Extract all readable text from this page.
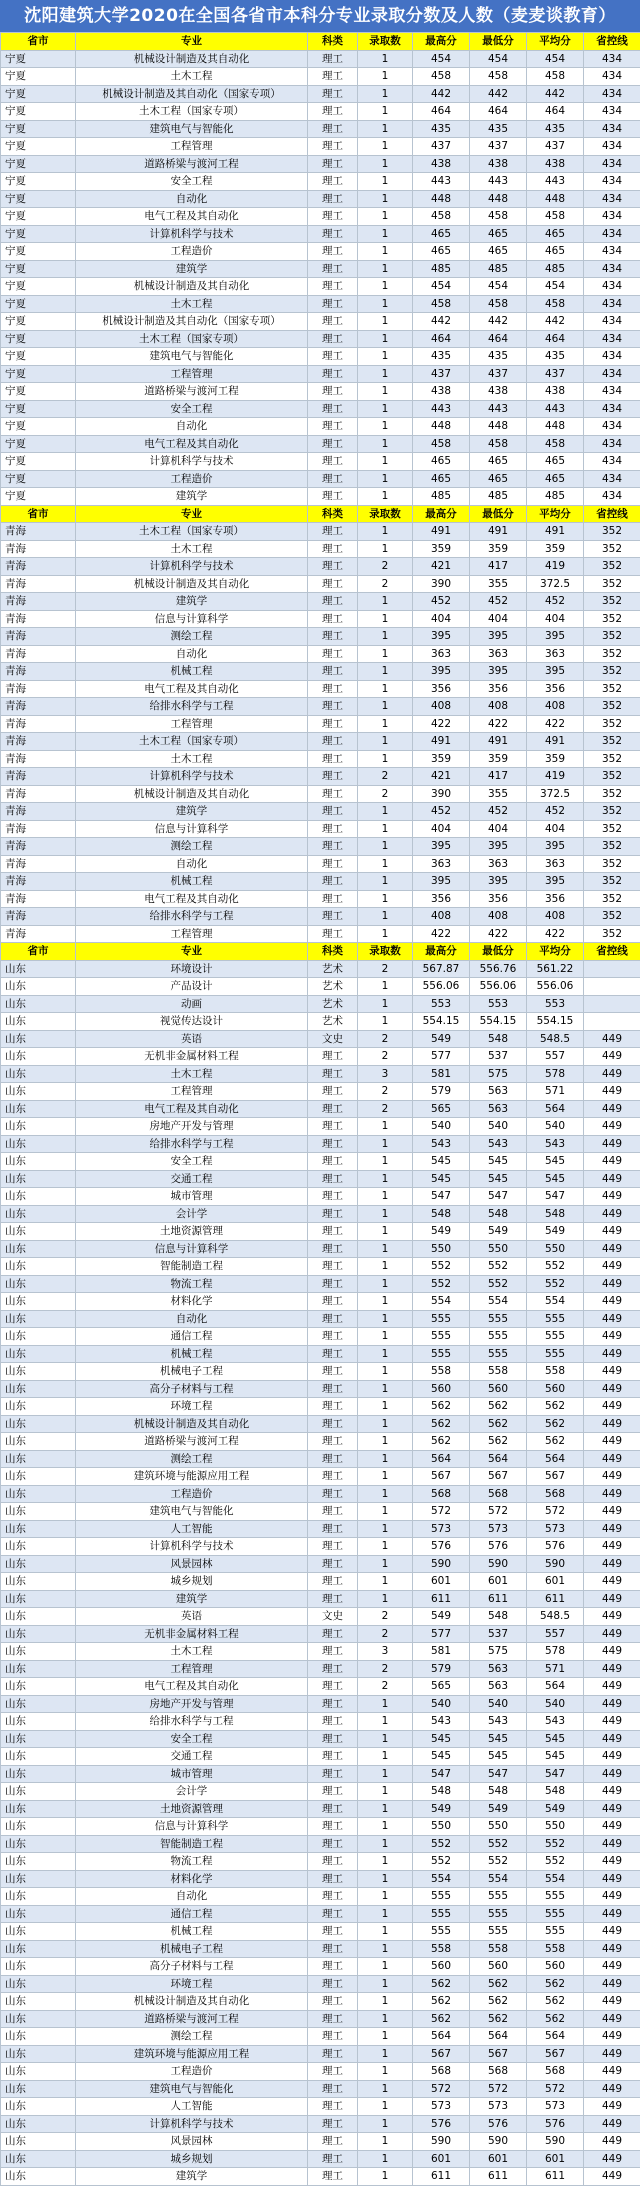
沈阳建筑大学2020在全国各省市本科分专业录取分数及人数（麦麦谈教育）
省市	专业	科类	录取数	最高分	最低分	平均分	省控线
宁夏	机械设计制造及其自动化	理工	1	454	454	454	434
宁夏	土木工程	理工	1	458	458	458	434
宁夏	机械设计制造及其自动化（国家专项）	理工	1	442	442	442	434
宁夏	土木工程（国家专项）	理工	1	464	464	464	434
宁夏	建筑电气与智能化	理工	1	435	435	435	434
宁夏	工程管理	理工	1	437	437	437	434
宁夏	道路桥梁与渡河工程	理工	1	438	438	438	434
宁夏	安全工程	理工	1	443	443	443	434
宁夏	自动化	理工	1	448	448	448	434
宁夏	电气工程及其自动化	理工	1	458	458	458	434
宁夏	计算机科学与技术	理工	1	465	465	465	434
宁夏	工程造价	理工	1	465	465	465	434
宁夏	建筑学	理工	1	485	485	485	434
宁夏	机械设计制造及其自动化	理工	1	454	454	454	434
宁夏	土木工程	理工	1	458	458	458	434
宁夏	机械设计制造及其自动化（国家专项）	理工	1	442	442	442	434
宁夏	土木工程（国家专项）	理工	1	464	464	464	434
宁夏	建筑电气与智能化	理工	1	435	435	435	434
宁夏	工程管理	理工	1	437	437	437	434
宁夏	道路桥梁与渡河工程	理工	1	438	438	438	434
宁夏	安全工程	理工	1	443	443	443	434
宁夏	自动化	理工	1	448	448	448	434
宁夏	电气工程及其自动化	理工	1	458	458	458	434
宁夏	计算机科学与技术	理工	1	465	465	465	434
宁夏	工程造价	理工	1	465	465	465	434
宁夏	建筑学	理工	1	485	485	485	434
省市	专业	科类	录取数	最高分	最低分	平均分	省控线
青海	土木工程（国家专项）	理工	1	491	491	491	352
青海	土木工程	理工	1	359	359	359	352
青海	计算机科学与技术	理工	2	421	417	419	352
青海	机械设计制造及其自动化	理工	2	390	355	372.5	352
青海	建筑学	理工	1	452	452	452	352
青海	信息与计算科学	理工	1	404	404	404	352
青海	测绘工程	理工	1	395	395	395	352
青海	自动化	理工	1	363	363	363	352
青海	机械工程	理工	1	395	395	395	352
青海	电气工程及其自动化	理工	1	356	356	356	352
青海	给排水科学与工程	理工	1	408	408	408	352
青海	工程管理	理工	1	422	422	422	352
青海	土木工程（国家专项）	理工	1	491	491	491	352
青海	土木工程	理工	1	359	359	359	352
青海	计算机科学与技术	理工	2	421	417	419	352
青海	机械设计制造及其自动化	理工	2	390	355	372.5	352
青海	建筑学	理工	1	452	452	452	352
青海	信息与计算科学	理工	1	404	404	404	352
青海	测绘工程	理工	1	395	395	395	352
青海	自动化	理工	1	363	363	363	352
青海	机械工程	理工	1	395	395	395	352
青海	电气工程及其自动化	理工	1	356	356	356	352
青海	给排水科学与工程	理工	1	408	408	408	352
青海	工程管理	理工	1	422	422	422	352
省市	专业	科类	录取数	最高分	最低分	平均分	省控线
山东	环境设计	艺术	2	567.87	556.76	561.22	
山东	产品设计	艺术	1	556.06	556.06	556.06	
山东	动画	艺术	1	553	553	553	
山东	视觉传达设计	艺术	1	554.15	554.15	554.15	
山东	英语	文史	2	549	548	548.5	449
山东	无机非金属材料工程	理工	2	577	537	557	449
山东	土木工程	理工	3	581	575	578	449
山东	工程管理	理工	2	579	563	571	449
山东	电气工程及其自动化	理工	2	565	563	564	449
山东	房地产开发与管理	理工	1	540	540	540	449
山东	给排水科学与工程	理工	1	543	543	543	449
山东	安全工程	理工	1	545	545	545	449
山东	交通工程	理工	1	545	545	545	449
山东	城市管理	理工	1	547	547	547	449
山东	会计学	理工	1	548	548	548	449
山东	土地资源管理	理工	1	549	549	549	449
山东	信息与计算科学	理工	1	550	550	550	449
山东	智能制造工程	理工	1	552	552	552	449
山东	物流工程	理工	1	552	552	552	449
山东	材料化学	理工	1	554	554	554	449
山东	自动化	理工	1	555	555	555	449
山东	通信工程	理工	1	555	555	555	449
山东	机械工程	理工	1	555	555	555	449
山东	机械电子工程	理工	1	558	558	558	449
山东	高分子材料与工程	理工	1	560	560	560	449
山东	环境工程	理工	1	562	562	562	449
山东	机械设计制造及其自动化	理工	1	562	562	562	449
山东	道路桥梁与渡河工程	理工	1	562	562	562	449
山东	测绘工程	理工	1	564	564	564	449
山东	建筑环境与能源应用工程	理工	1	567	567	567	449
山东	工程造价	理工	1	568	568	568	449
山东	建筑电气与智能化	理工	1	572	572	572	449
山东	人工智能	理工	1	573	573	573	449
山东	计算机科学与技术	理工	1	576	576	576	449
山东	风景园林	理工	1	590	590	590	449
山东	城乡规划	理工	1	601	601	601	449
山东	建筑学	理工	1	611	611	611	449
山东	英语	文史	2	549	548	548.5	449
山东	无机非金属材料工程	理工	2	577	537	557	449
山东	土木工程	理工	3	581	575	578	449
山东	工程管理	理工	2	579	563	571	449
山东	电气工程及其自动化	理工	2	565	563	564	449
山东	房地产开发与管理	理工	1	540	540	540	449
山东	给排水科学与工程	理工	1	543	543	543	449
山东	安全工程	理工	1	545	545	545	449
山东	交通工程	理工	1	545	545	545	449
山东	城市管理	理工	1	547	547	547	449
山东	会计学	理工	1	548	548	548	449
山东	土地资源管理	理工	1	549	549	549	449
山东	信息与计算科学	理工	1	550	550	550	449
山东	智能制造工程	理工	1	552	552	552	449
山东	物流工程	理工	1	552	552	552	449
山东	材料化学	理工	1	554	554	554	449
山东	自动化	理工	1	555	555	555	449
山东	通信工程	理工	1	555	555	555	449
山东	机械工程	理工	1	555	555	555	449
山东	机械电子工程	理工	1	558	558	558	449
山东	高分子材料与工程	理工	1	560	560	560	449
山东	环境工程	理工	1	562	562	562	449
山东	机械设计制造及其自动化	理工	1	562	562	562	449
山东	道路桥梁与渡河工程	理工	1	562	562	562	449
山东	测绘工程	理工	1	564	564	564	449
山东	建筑环境与能源应用工程	理工	1	567	567	567	449
山东	工程造价	理工	1	568	568	568	449
山东	建筑电气与智能化	理工	1	572	572	572	449
山东	人工智能	理工	1	573	573	573	449
山东	计算机科学与技术	理工	1	576	576	576	449
山东	风景园林	理工	1	590	590	590	449
山东	城乡规划	理工	1	601	601	601	449
山东	建筑学	理工	1	611	611	611	449
